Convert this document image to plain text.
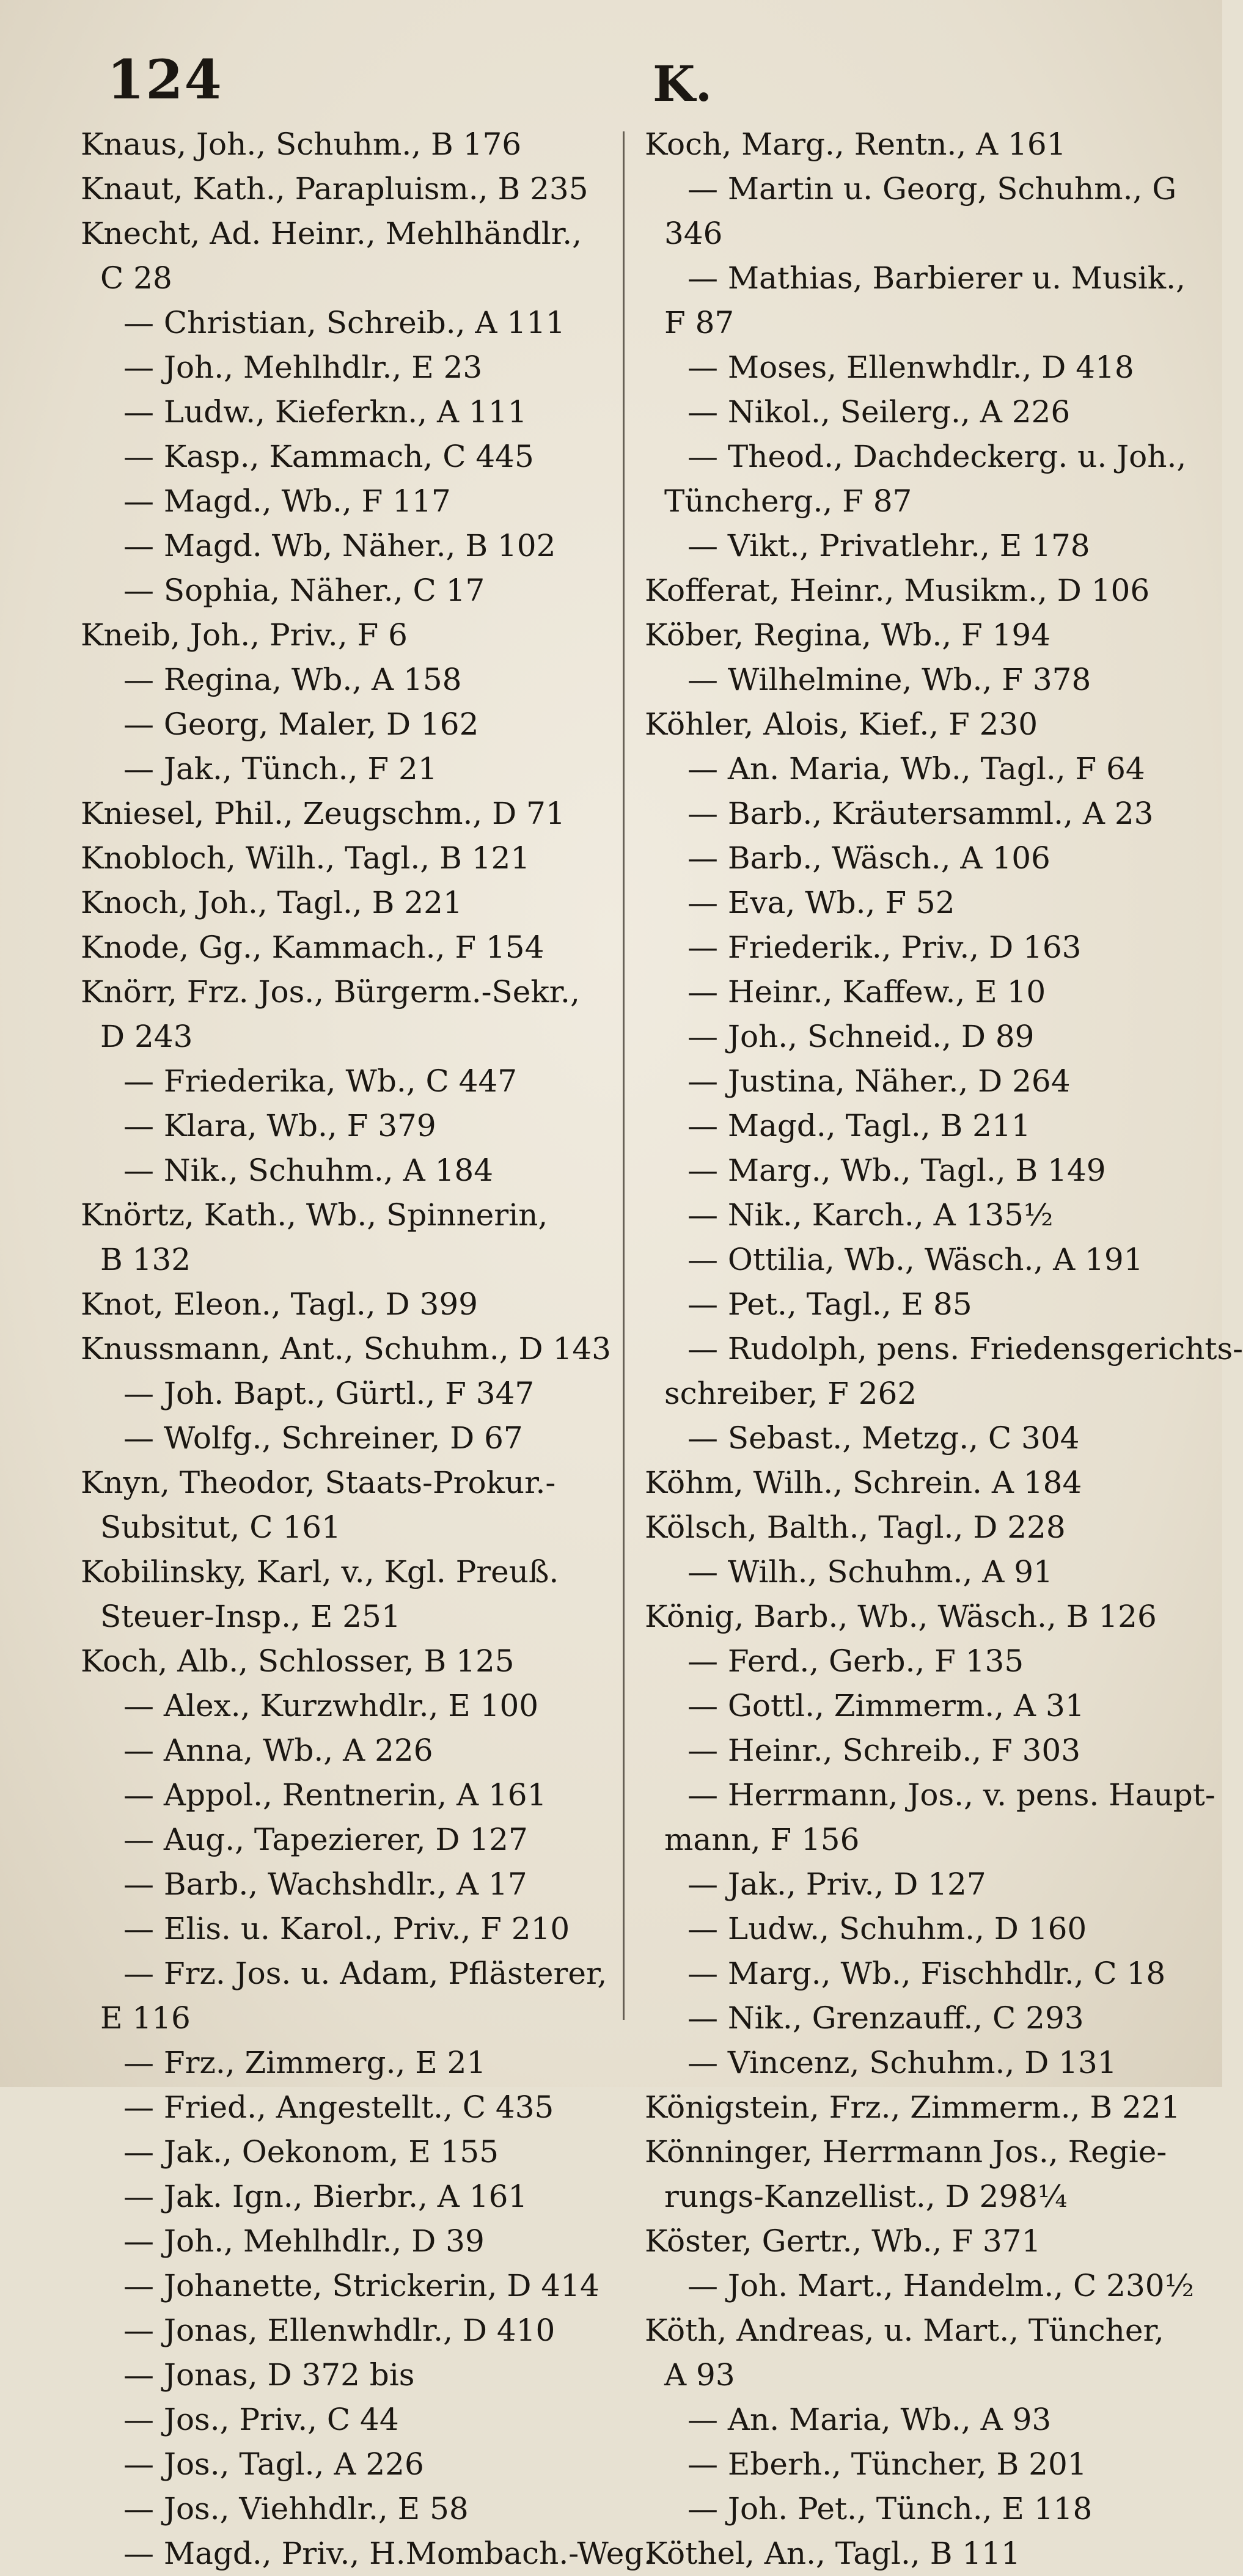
124	K.
Knaus, Joh., Schuhm., B 176
Knaut, Kath., Parapluism., B 235
Knecht, Ad. Heinr., Mehlhändlr.,
C 28
— Christian, Schreib., A 111
— Joh., Mehlhdlr., E 23
— Ludw., Kieferkn., A 111
— Kasp., Kammach, C 445
— Magd., Wb., F 117
— Magd. Wb, Näher., B 102
— Sophia, Näher., C 17
Kneib, Joh., Priv., F 6
— Regina, Wb., A 158
— Georg, Maler, D 162
— Jak., Tünch., F 21
Kniesel, Phil., Zeugschm., D 71
Knobloch, Wilh., Tagl., B 121
Knoch, Joh., Tagl., B 221
Knode, Gg., Kammach., F 154
Knörr, Frz. Jos., Bürgerm.-Sekr.,
D 243
— Friederika, Wb., C 447
— Klara, Wb., F 379
— Nik., Schuhm., A 184
Knörtz, Kath., Wb., Spinnerin,
B 132
Knot, Eleon., Tagl., D 399
Knussmann, Ant., Schuhm., D 143
— Joh. Bapt., Gürtl., F 347
— Wolfg., Schreiner, D 67
Knyn, Theodor, Staats-Prokur.-
Subsitut, C 161
Kobilinsky, Karl, v., Kgl. Preuß.
Steuer-Insp., E 251
Koch, Alb., Schlosser, B 125
— Alex., Kurzwhdlr., E 100
— Anna, Wb., A 226
— Appol., Rentnerin, A 161
— Aug., Tapezierer, D 127
— Barb., Wachshdlr., A 17
— Elis. u. Karol., Priv., F 210
— Frz. Jos. u. Adam, Pflästerer,
E 116
— Frz., Zimmerg., E 21
— Fried., Angestellt., C 435
— Jak., Oekonom, E 155
— Jak. Ign., Bierbr., A 161
— Joh., Mehlhdlr., D 39
— Johanette, Strickerin, D 414
— Jonas, Ellenwhdlr., D 410
— Jonas, D 372 bis
— Jos., Priv., C 44
— Jos., Tagl., A 226
— Jos., Viehhdlr., E 58
— Magd., Priv., H.Mombach.-Weg.
Koch, Marg., Rentn., A 161
— Martin u. Georg, Schuhm., G
346
— Mathias, Barbierer u. Musik.,
F 87
— Moses, Ellenwhdlr., D 418
— Nikol., Seilerg., A 226
— Theod., Dachdeckerg. u. Joh.,
Tüncherg., F 87
— Vikt., Privatlehr., E 178
Kofferat, Heinr., Musikm., D 106
Köber, Regina, Wb., F 194
— Wilhelmine, Wb., F 378
Köhler, Alois, Kief., F 230
— An. Maria, Wb., Tagl., F 64
— Barb., Kräutersamml., A 23
— Barb., Wäsch., A 106
— Eva, Wb., F 52
— Friederik., Priv., D 163
— Heinr., Kaffew., E 10
— Joh., Schneid., D 89
— Justina, Näher., D 264
— Magd., Tagl., B 211
— Marg., Wb., Tagl., B 149
— Nik., Karch., A 135½
— Ottilia, Wb., Wäsch., A 191
— Pet., Tagl., E 85
— Rudolph, pens. Friedensgerichts-
schreiber, F 262
— Sebast., Metzg., C 304
Köhm, Wilh., Schrein. A 184
Kölsch, Balth., Tagl., D 228
— Wilh., Schuhm., A 91
König, Barb., Wb., Wäsch., B 126
— Ferd., Gerb., F 135
— Gottl., Zimmerm., A 31
— Heinr., Schreib., F 303
— Herrmann, Jos., v. pens. Haupt-
mann, F 156
— Jak., Priv., D 127
— Ludw., Schuhm., D 160
— Marg., Wb., Fischhdlr., C 18
— Nik., Grenzauff., C 293
— Vincenz, Schuhm., D 131
Königstein, Frz., Zimmerm., B 221
Könninger, Herrmann Jos., Regie-
rungs-Kanzellist., D 298¼
Köster, Gertr., Wb., F 371
— Joh. Mart., Handelm., C 230½
Köth, Andreas, u. Mart., Tüncher,
A 93
— An. Maria, Wb., A 93
— Eberh., Tüncher, B 201
— Joh. Pet., Tünch., E 118
Köthel, An., Tagl., B 111
